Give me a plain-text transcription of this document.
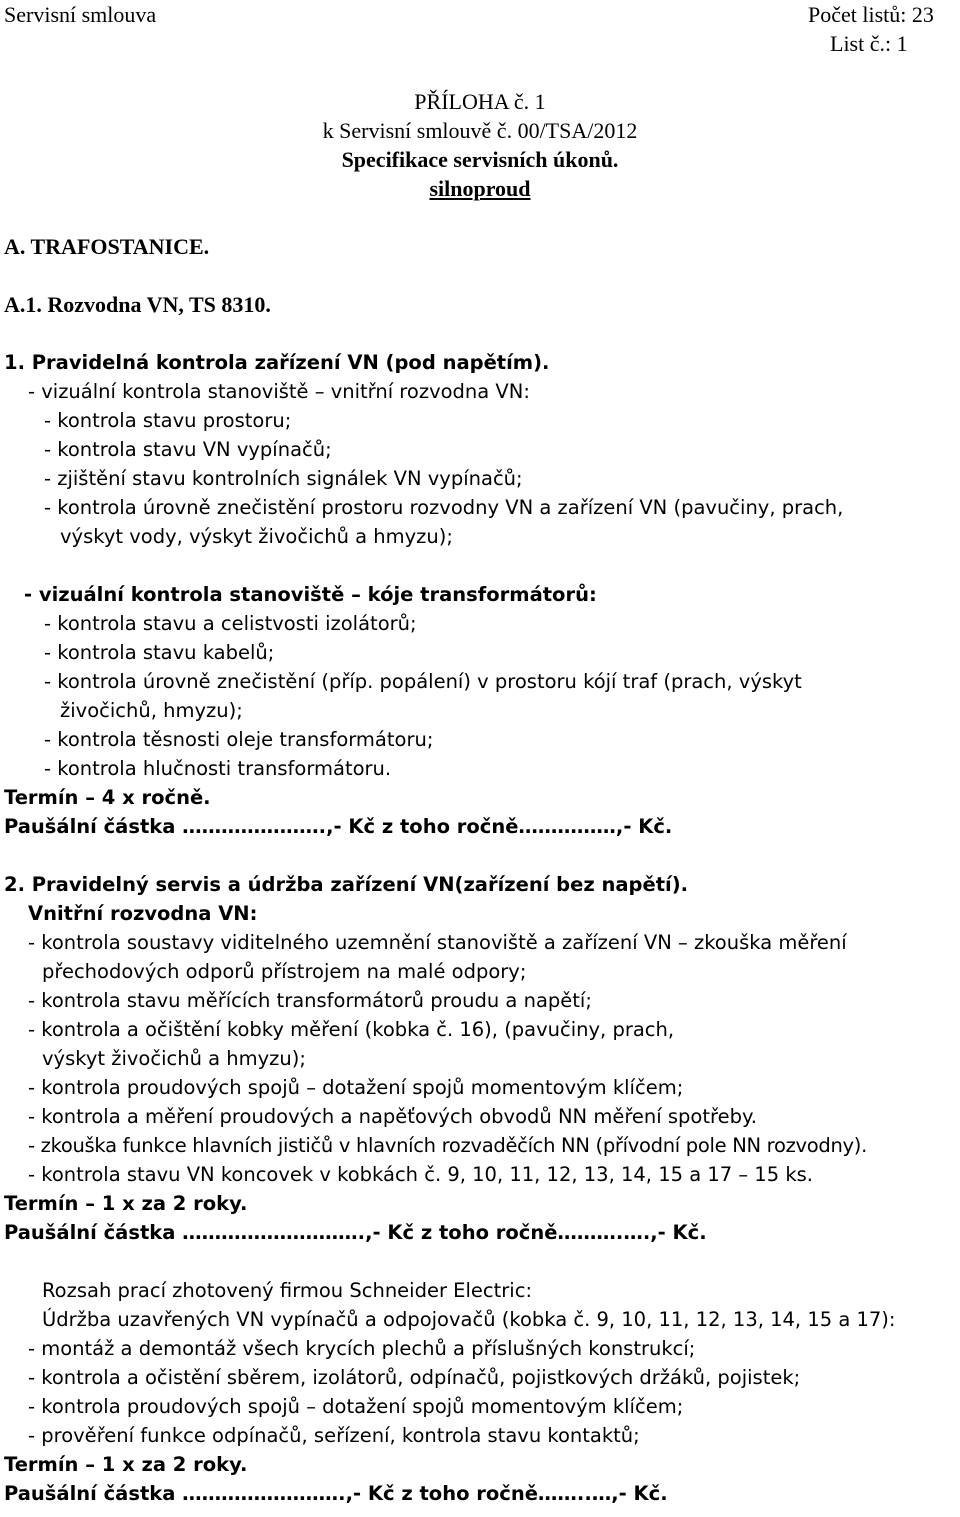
Servisní smlouva	Počet listů: 23
List č.: 1
PŘÍLOHA č. 1
k Servisní smlouvě č. 00/TSA/2012
Specifikace servisních úkonů.
silnoproud
A. TRAFOSTANICE.
A.1. Rozvodna VN, TS 8310.
1. Pravidelná kontrola zařízení VN (pod napětím).
- vizuální kontrola stanoviště – vnitřní rozvodna VN:
- kontrola stavu prostoru;
- kontrola stavu VN vypínačů;
- zjištění stavu kontrolních signálek VN vypínačů;
- kontrola úrovně znečistění prostoru rozvodny VN a zařízení VN (pavučiny, prach,
výskyt vody, výskyt živočichů a hmyzu);
- vizuální kontrola stanoviště – kóje transformátorů:
- kontrola stavu a celistvosti izolátorů;
- kontrola stavu kabelů;
- kontrola úrovně znečistění (příp. popálení) v prostoru kójí traf (prach, výskyt
živočichů, hmyzu);
- kontrola těsnosti oleje transformátoru;
- kontrola hlučnosti transformátoru.
Termín – 4 x ročně.
Paušální částka ………………….,- Kč z toho ročně……………,- Kč.
2. Pravidelný servis a údržba zařízení VN(zařízení bez napětí).
Vnitřní rozvodna VN:
- kontrola soustavy viditelného uzemnění stanoviště a zařízení VN – zkouška měření
přechodových odporů přístrojem na malé odpory;
- kontrola stavu měřících transformátorů proudu a napětí;
- kontrola a očištění kobky měření (kobka č. 16), (pavučiny, prach,
výskyt živočichů a hmyzu);
- kontrola proudových spojů – dotažení spojů momentovým klíčem;
- kontrola a měření proudových a napěťových obvodů NN měření spotřeby.
- zkouška funkce hlavních jističů v hlavních rozvaděčích NN (přívodní pole NN rozvodny).
- kontrola stavu VN koncovek v kobkách č. 9, 10, 11, 12, 13, 14, 15 a 17 – 15 ks.
Termín – 1 x za 2 roky.
Paušální částka ……………………….,- Kč z toho ročně……….….,- Kč.
Rozsah prací zhotovený firmou Schneider Electric:
Údržba uzavřených VN vypínačů a odpojovačů (kobka č. 9, 10, 11, 12, 13, 14, 15 a 17):
- montáž a demontáž všech krycích plechů a příslušných konstrukcí;
- kontrola a očistění sběrem, izolátorů, odpínačů, pojistkových držáků, pojistek;
- kontrola proudových spojů – dotažení spojů momentovým klíčem;
- prověření funkce odpínačů, seřízení, kontrola stavu kontaktů;
Termín – 1 x za 2 roky.
Paušální částka …………………….,- Kč z toho ročně……..…,- Kč.
